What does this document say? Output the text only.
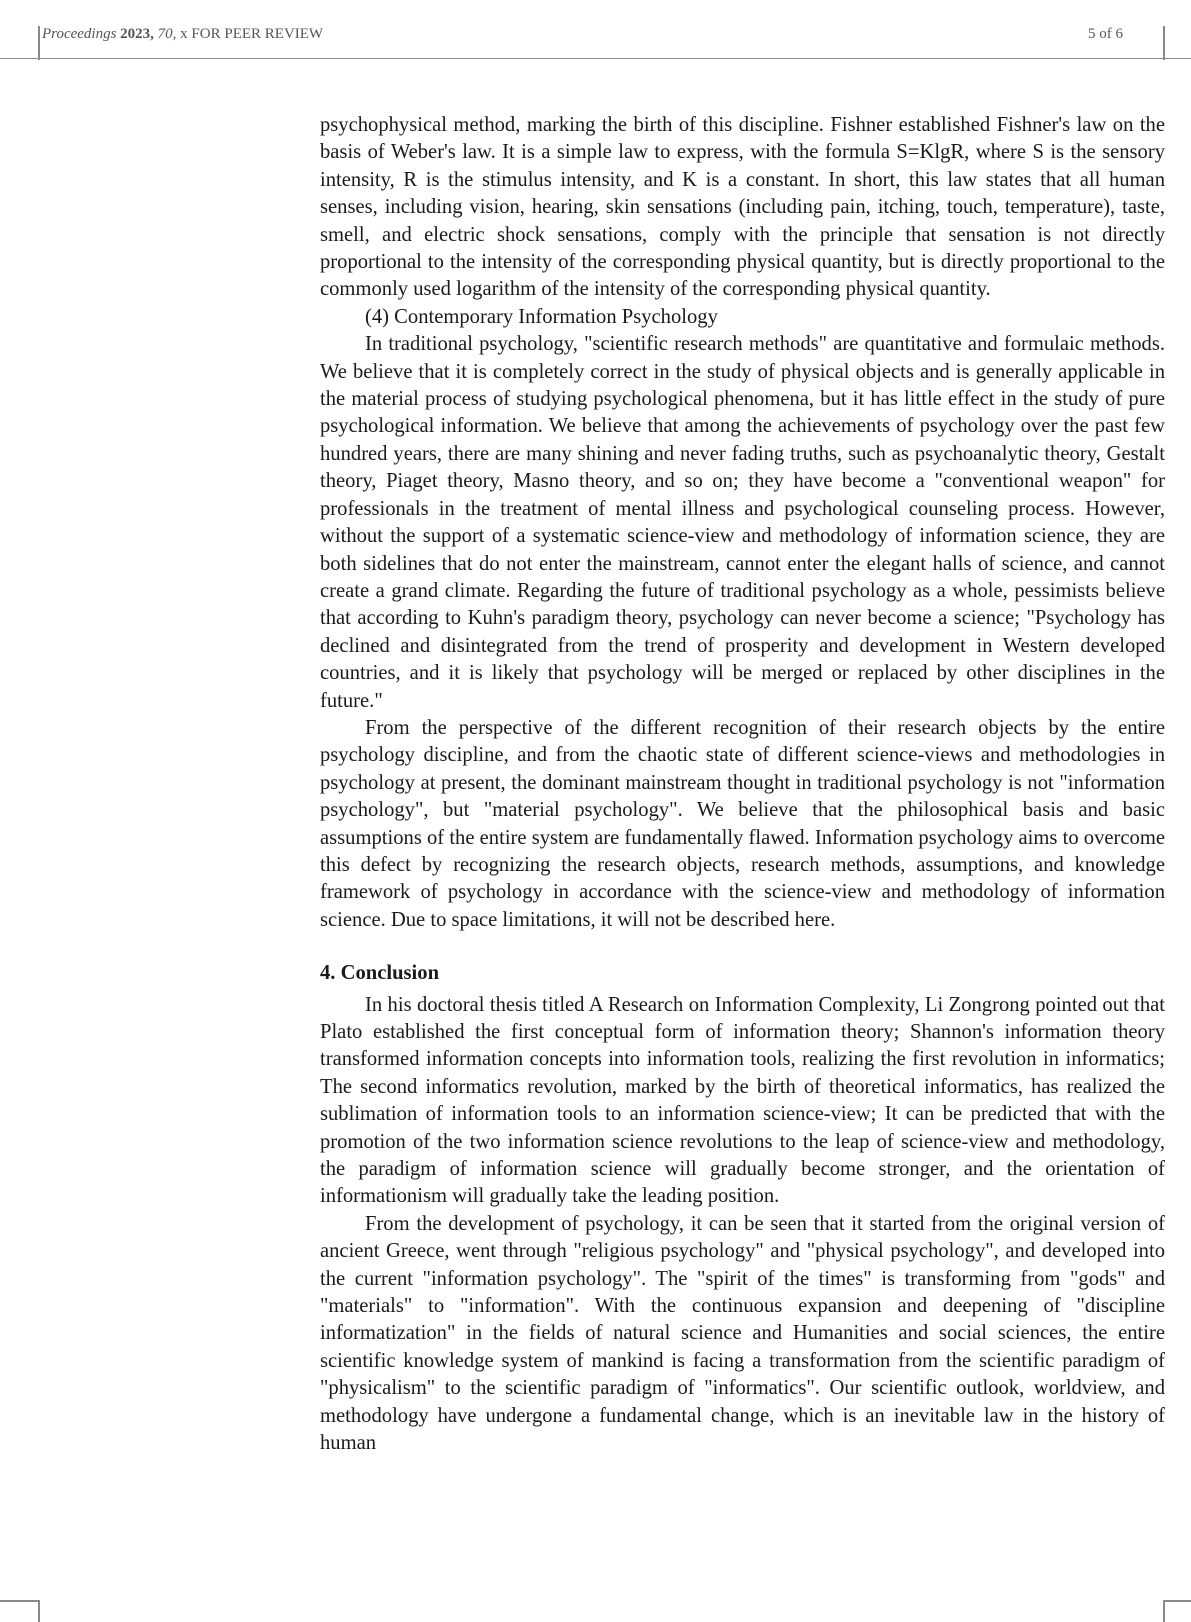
Proceedings 2023, 70, x FOR PEER REVIEW	5 of 6

psychophysical method, marking the birth of this discipline. Fishner established Fishner's law on the basis of Weber's law. It is a simple law to express, with the formula S=KlgR, where S is the sensory intensity, R is the stimulus intensity, and K is a constant. In short, this law states that all human senses, including vision, hearing, skin sensations (including pain, itching, touch, temperature), taste, smell, and electric shock sensations, comply with the principle that sensation is not directly proportional to the intensity of the corresponding physical quantity, but is directly proportional to the commonly used logarithm of the intensity of the corresponding physical quantity.

(4) Contemporary Information Psychology

In traditional psychology, "scientific research methods" are quantitative and formulaic methods. We believe that it is completely correct in the study of physical objects and is generally applicable in the material process of studying psychological phenomena, but it has little effect in the study of pure psychological information. We believe that among the achievements of psychology over the past few hundred years, there are many shining and never fading truths, such as psychoanalytic theory, Gestalt theory, Piaget theory, Masno theory, and so on; they have become a "conventional weapon" for professionals in the treatment of mental illness and psychological counseling process. However, without the support of a systematic science-view and methodology of information science, they are both sidelines that do not enter the mainstream, cannot enter the elegant halls of science, and cannot create a grand climate. Regarding the future of traditional psychology as a whole, pessimists believe that according to Kuhn's paradigm theory, psychology can never become a science; "Psychology has declined and disintegrated from the trend of prosperity and development in Western developed countries, and it is likely that psychology will be merged or replaced by other disciplines in the future."

From the perspective of the different recognition of their research objects by the entire psychology discipline, and from the chaotic state of different science-views and methodologies in psychology at present, the dominant mainstream thought in traditional psychology is not "information psychology", but "material psychology". We believe that the philosophical basis and basic assumptions of the entire system are fundamentally flawed. Information psychology aims to overcome this defect by recognizing the research objects, research methods, assumptions, and knowledge framework of psychology in accordance with the science-view and methodology of information science. Due to space limitations, it will not be described here.

4. Conclusion

In his doctoral thesis titled A Research on Information Complexity, Li Zongrong pointed out that Plato established the first conceptual form of information theory; Shannon's information theory transformed information concepts into information tools, realizing the first revolution in informatics; The second informatics revolution, marked by the birth of theoretical informatics, has realized the sublimation of information tools to an information science-view; It can be predicted that with the promotion of the two information science revolutions to the leap of science-view and methodology, the paradigm of information science will gradually become stronger, and the orientation of informationism will gradually take the leading position.

From the development of psychology, it can be seen that it started from the original version of ancient Greece, went through "religious psychology" and "physical psychology", and developed into the current "information psychology". The "spirit of the times" is transforming from "gods" and "materials" to "information". With the continuous expansion and deepening of "discipline informatization" in the fields of natural science and Humanities and social sciences, the entire scientific knowledge system of mankind is facing a transformation from the scientific paradigm of "physicalism" to the scientific paradigm of "informatics". Our scientific outlook, worldview, and methodology have undergone a fundamental change, which is an inevitable law in the history of human
